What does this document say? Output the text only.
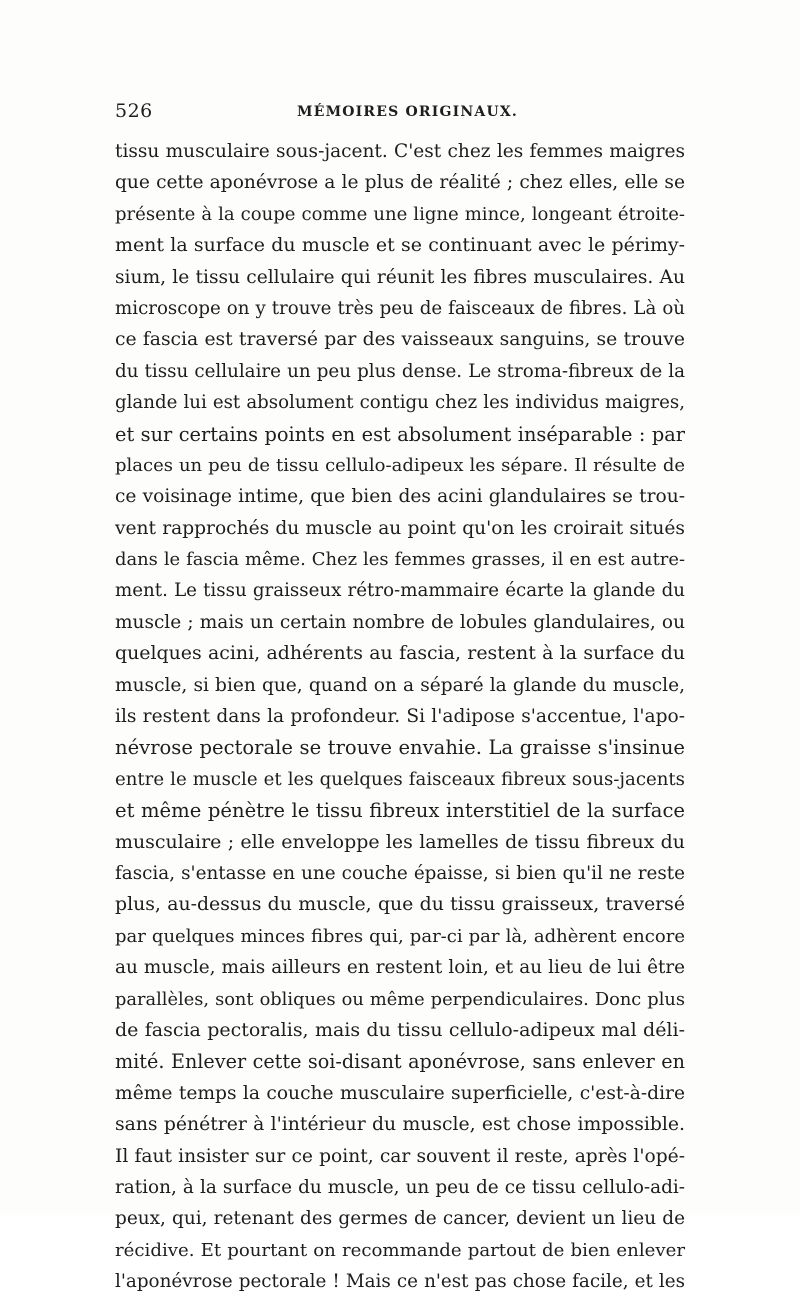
526	MÉMOIRES ORIGINAUX.
tissu musculaire sous-jacent. C'est chez les femmes maigres
que cette aponévrose a le plus de réalité ; chez elles, elle se
présente à la coupe comme une ligne mince, longeant étroite-
ment la surface du muscle et se continuant avec le périmy-
sium, le tissu cellulaire qui réunit les fibres musculaires. Au
microscope on y trouve très peu de faisceaux de fibres. Là où
ce fascia est traversé par des vaisseaux sanguins, se trouve
du tissu cellulaire un peu plus dense. Le stroma-fibreux de la
glande lui est absolument contigu chez les individus maigres,
et sur certains points en est absolument inséparable : par
places un peu de tissu cellulo-adipeux les sépare. Il résulte de
ce voisinage intime, que bien des acini glandulaires se trou-
vent rapprochés du muscle au point qu'on les croirait situés
dans le fascia même. Chez les femmes grasses, il en est autre-
ment. Le tissu graisseux rétro-mammaire écarte la glande du
muscle ; mais un certain nombre de lobules glandulaires, ou
quelques acini, adhérents au fascia, restent à la surface du
muscle, si bien que, quand on a séparé la glande du muscle,
ils restent dans la profondeur. Si l'adipose s'accentue, l'apo-
névrose pectorale se trouve envahie. La graisse s'insinue
entre le muscle et les quelques faisceaux fibreux sous-jacents
et même pénètre le tissu fibreux interstitiel de la surface
musculaire ; elle enveloppe les lamelles de tissu fibreux du
fascia, s'entasse en une couche épaisse, si bien qu'il ne reste
plus, au-dessus du muscle, que du tissu graisseux, traversé
par quelques minces fibres qui, par-ci par là, adhèrent encore
au muscle, mais ailleurs en restent loin, et au lieu de lui être
parallèles, sont obliques ou même perpendiculaires. Donc plus
de fascia pectoralis, mais du tissu cellulo-adipeux mal déli-
mité. Enlever cette soi-disant aponévrose, sans enlever en
même temps la couche musculaire superficielle, c'est-à-dire
sans pénétrer à l'intérieur du muscle, est chose impossible.
Il faut insister sur ce point, car souvent il reste, après l'opé-
ration, à la surface du muscle, un peu de ce tissu cellulo-adi-
peux, qui, retenant des germes de cancer, devient un lieu de
récidive. Et pourtant on recommande partout de bien enlever
l'aponévrose pectorale ! Mais ce n'est pas chose facile, et les
